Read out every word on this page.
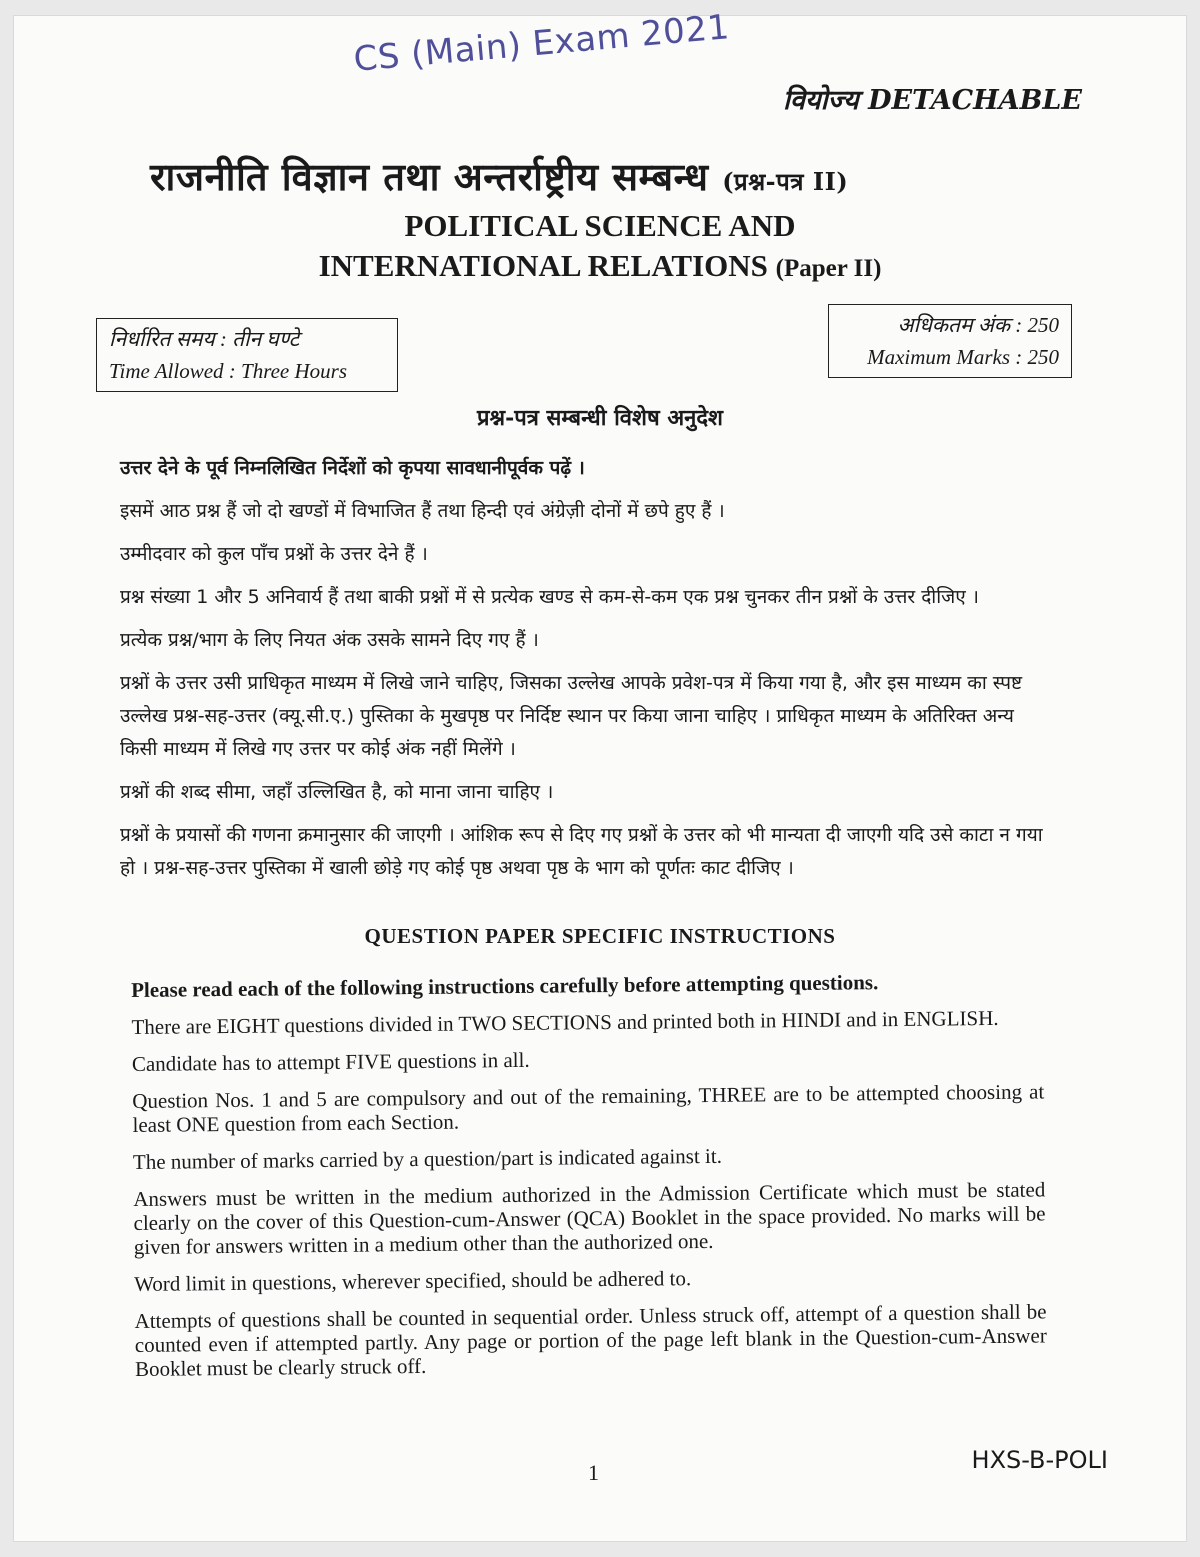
CS (Main) Exam 2021
वियोज्य DETACHABLE
राजनीति विज्ञान तथा अन्तर्राष्ट्रीय सम्बन्ध (प्रश्न-पत्र II)
POLITICAL SCIENCE AND
INTERNATIONAL RELATIONS (Paper II)
निर्धारित समय : तीन घण्टे
Time Allowed : Three Hours
अधिकतम अंक : 250
Maximum Marks : 250
प्रश्न-पत्र सम्बन्धी विशेष अनुदेश

उत्तर देने के पूर्व निम्नलिखित निर्देशों को कृपया सावधानीपूर्वक पढ़ें ।

इसमें आठ प्रश्न हैं जो दो खण्डों में विभाजित हैं तथा हिन्दी एवं अंग्रेज़ी दोनों में छपे हुए हैं ।

उम्मीदवार को कुल पाँच प्रश्नों के उत्तर देने हैं ।

प्रश्न संख्या 1 और 5 अनिवार्य हैं तथा बाकी प्रश्नों में से प्रत्येक खण्ड से कम-से-कम एक प्रश्न चुनकर तीन प्रश्नों के उत्तर दीजिए ।

प्रत्येक प्रश्न/भाग के लिए नियत अंक उसके सामने दिए गए हैं ।

प्रश्नों के उत्तर उसी प्राधिकृत माध्यम में लिखे जाने चाहिए, जिसका उल्लेख आपके प्रवेश-पत्र में किया गया है, और इस माध्यम का स्पष्ट उल्लेख प्रश्न-सह-उत्तर (क्यू.सी.ए.) पुस्तिका के मुखपृष्ठ पर निर्दिष्ट स्थान पर किया जाना चाहिए । प्राधिकृत माध्यम के अतिरिक्त अन्य किसी माध्यम में लिखे गए उत्तर पर कोई अंक नहीं मिलेंगे ।

प्रश्नों की शब्द सीमा, जहाँ उल्लिखित है, को माना जाना चाहिए ।

प्रश्नों के प्रयासों की गणना क्रमानुसार की जाएगी । आंशिक रूप से दिए गए प्रश्नों के उत्तर को भी मान्यता दी जाएगी यदि उसे काटा न गया हो । प्रश्न-सह-उत्तर पुस्तिका में खाली छोड़े गए कोई पृष्ठ अथवा पृष्ठ के भाग को पूर्णतः काट दीजिए ।

QUESTION PAPER SPECIFIC INSTRUCTIONS

Please read each of the following instructions carefully before attempting questions.

There are EIGHT questions divided in TWO SECTIONS and printed both in HINDI and in ENGLISH.

Candidate has to attempt FIVE questions in all.

Question Nos. 1 and 5 are compulsory and out of the remaining, THREE are to be attempted choosing at least ONE question from each Section.

The number of marks carried by a question/part is indicated against it.

Answers must be written in the medium authorized in the Admission Certificate which must be stated clearly on the cover of this Question-cum-Answer (QCA) Booklet in the space provided. No marks will be given for answers written in a medium other than the authorized one.

Word limit in questions, wherever specified, should be adhered to.

Attempts of questions shall be counted in sequential order. Unless struck off, attempt of a question shall be counted even if attempted partly. Any page or portion of the page left blank in the Question-cum-Answer Booklet must be clearly struck off.

1	HXS-B-POLI
